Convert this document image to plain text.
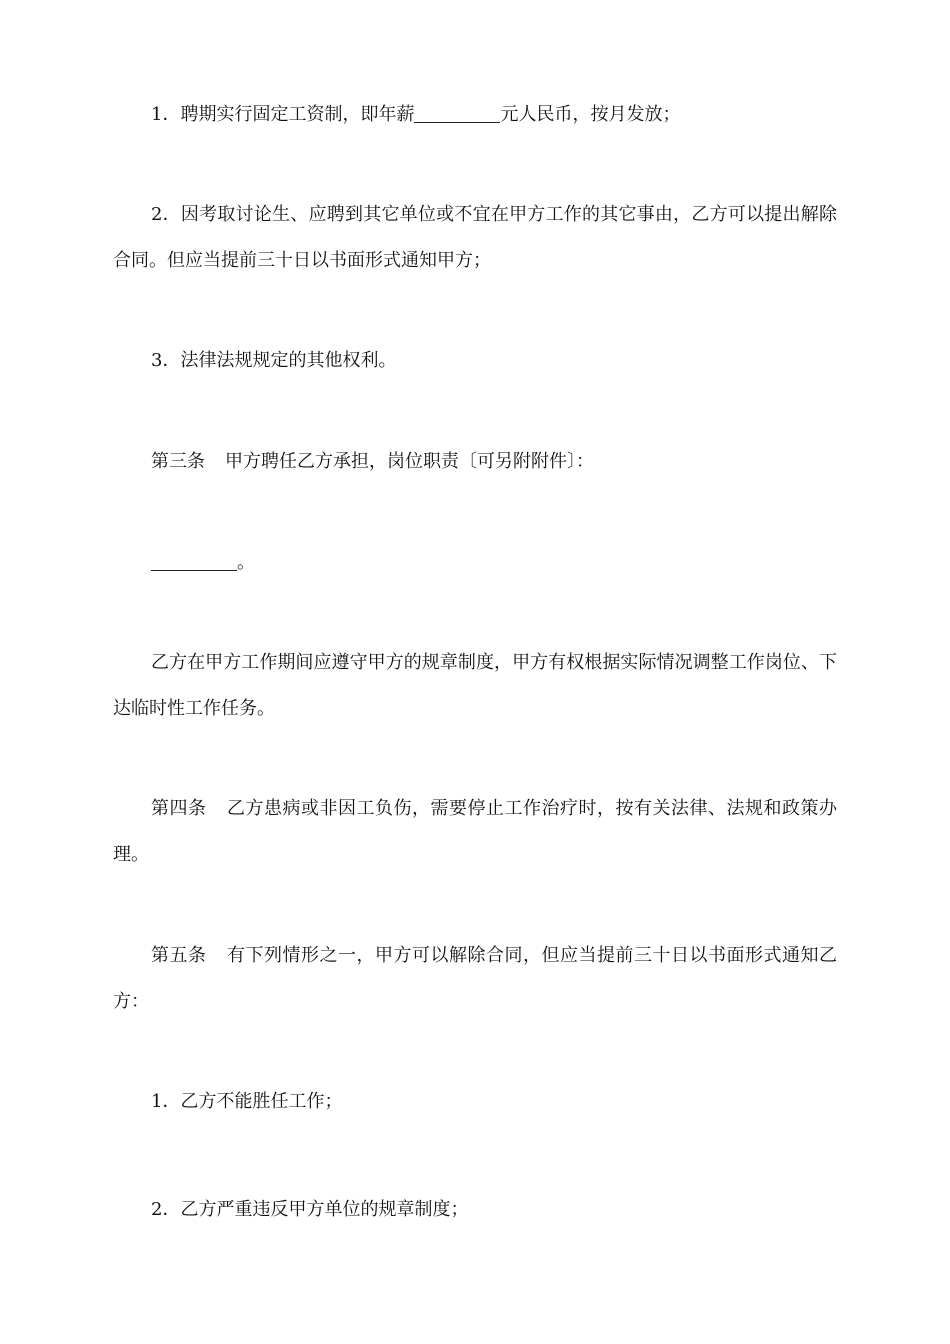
1．聘期实行固定工资制，即年薪	元人民币，按月发放；

2．因考取讨论生、应聘到其它单位或不宜在甲方工作的其它事由，乙方可以提出解除合同。但应当提前三十日以书面形式通知甲方；

3．法律法规规定的其他权利。

第三条 甲方聘任乙方承担，岗位职责〔可另附附件〕：

。

乙方在甲方工作期间应遵守甲方的规章制度，甲方有权根据实际情况调整工作岗位、下达临时性工作任务。

第四条 乙方患病或非因工负伤，需要停止工作治疗时，按有关法律、法规和政策办理。

第五条 有下列情形之一，甲方可以解除合同，但应当提前三十日以书面形式通知乙方：

1．乙方不能胜任工作；

2．乙方严重违反甲方单位的规章制度；
